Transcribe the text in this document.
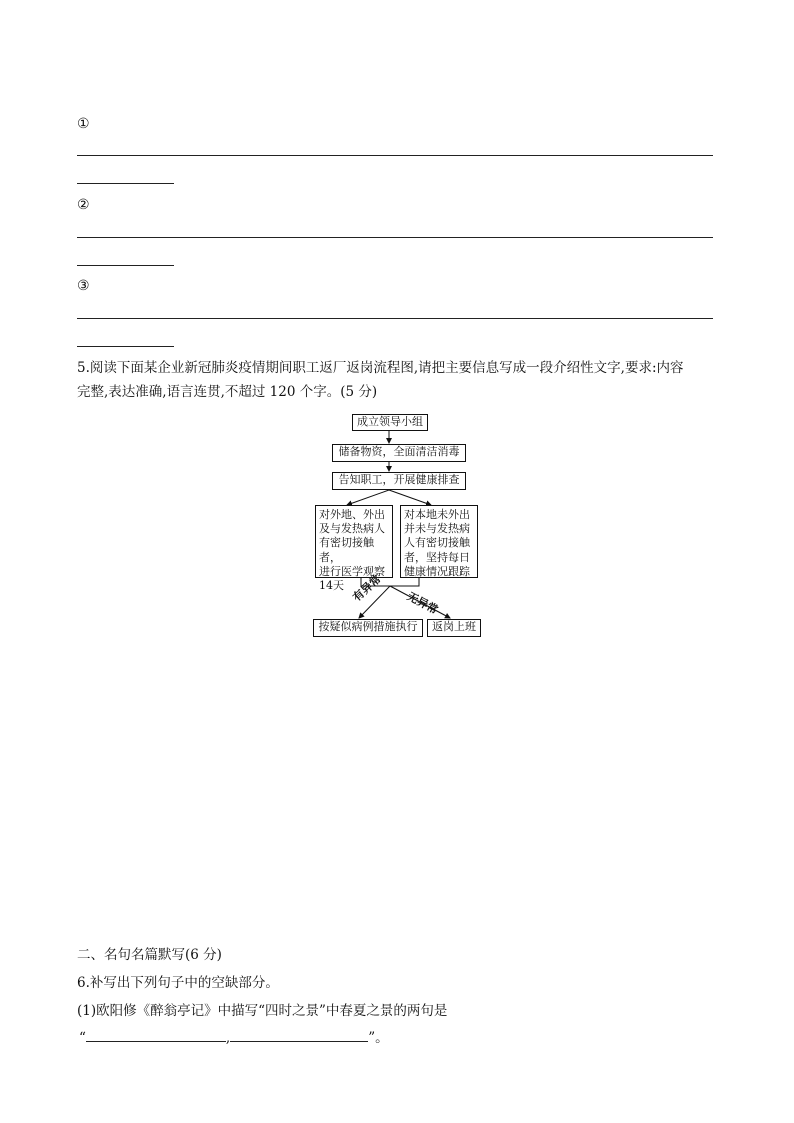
①
②
③
5.阅读下面某企业新冠肺炎疫情期间职工返厂返岗流程图,请把主要信息写成一段介绍性文字,要求:内容
完整,表达准确,语言连贯,不超过 120 个字。(5 分)
成立领导小组
储备物资，全面清洁消毒
告知职工，开展健康排查
对外地、外出
及与发热病人
有密切接触者，
进行医学观察
14天
对本地未外出
并未与发热病
人有密切接触
者，坚持每日
健康情况跟踪
有异常 无异常
按疑似病例措施执行	返岗上班
二、名句名篇默写(6 分)
6.补写出下列句子中的空缺部分。
(1)欧阳修《醉翁亭记》中描写“四时之景”中春夏之景的两句是
“	,	”。
